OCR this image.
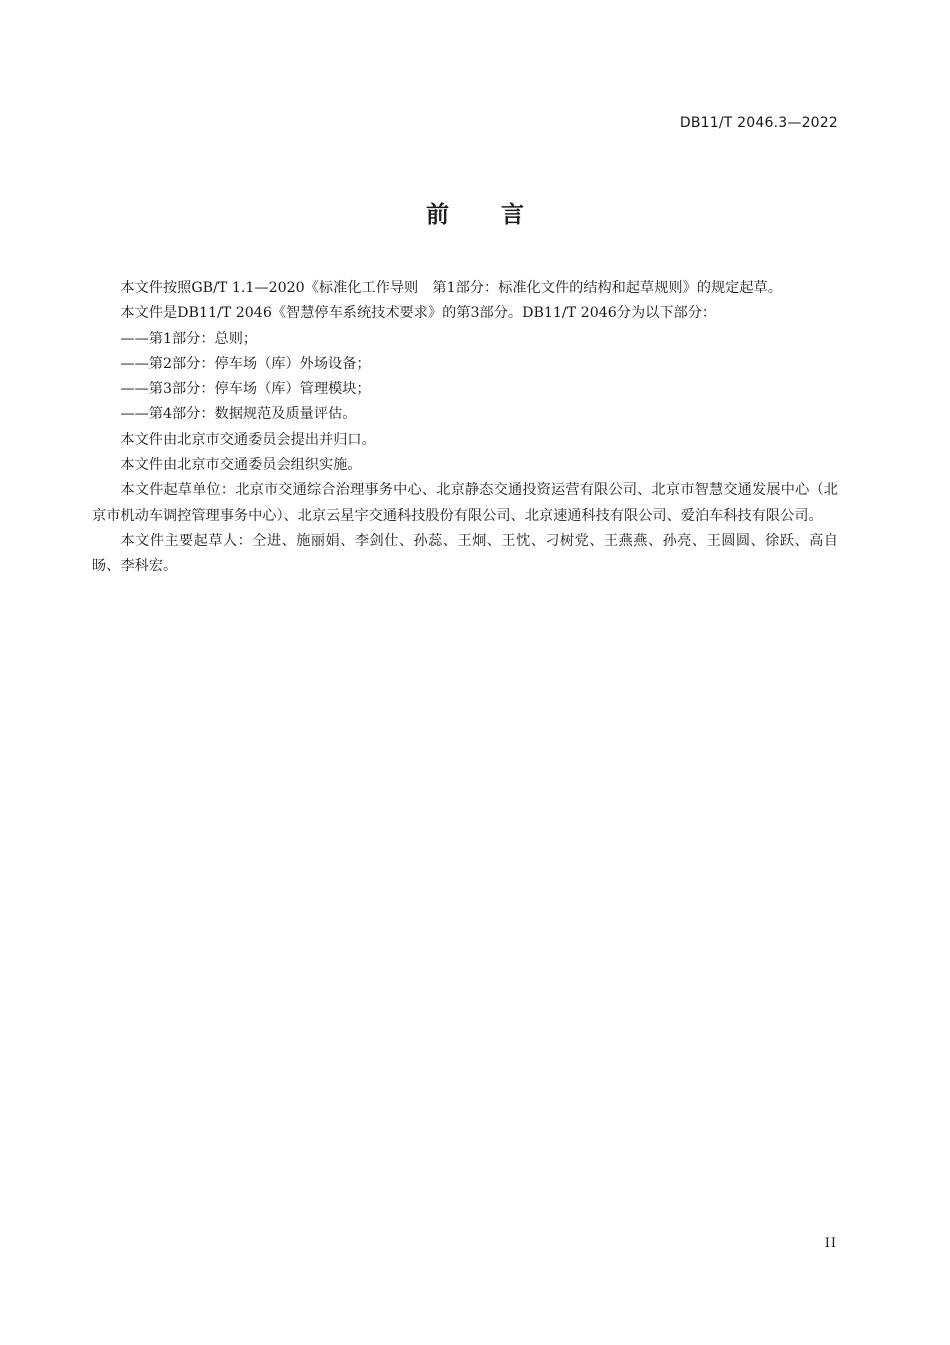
DB11/T 2046.3—2022
前言

本文件按照GB/T 1.1—2020《标准化工作导则　第1部分：标准化文件的结构和起草规则》的规定起草。

本文件是DB11/T 2046《智慧停车系统技术要求》的第3部分。DB11/T 2046分为以下部分：

——第1部分：总则；

——第2部分：停车场（库）外场设备；

——第3部分：停车场（库）管理模块；

——第4部分：数据规范及质量评估。

本文件由北京市交通委员会提出并归口。

本文件由北京市交通委员会组织实施。

本文件起草单位：北京市交通综合治理事务中心、北京静态交通投资运营有限公司、北京市智慧交通发展中心（北京市机动车调控管理事务中心）、北京云星宇交通科技股份有限公司、北京速通科技有限公司、爱泊车科技有限公司。

本文件主要起草人：仝进、施丽娟、李剑仕、孙蕊、王炯、王忱、刁树党、王燕燕、孙亮、王圆圆、徐跃、高自旸、李科宏。

II
